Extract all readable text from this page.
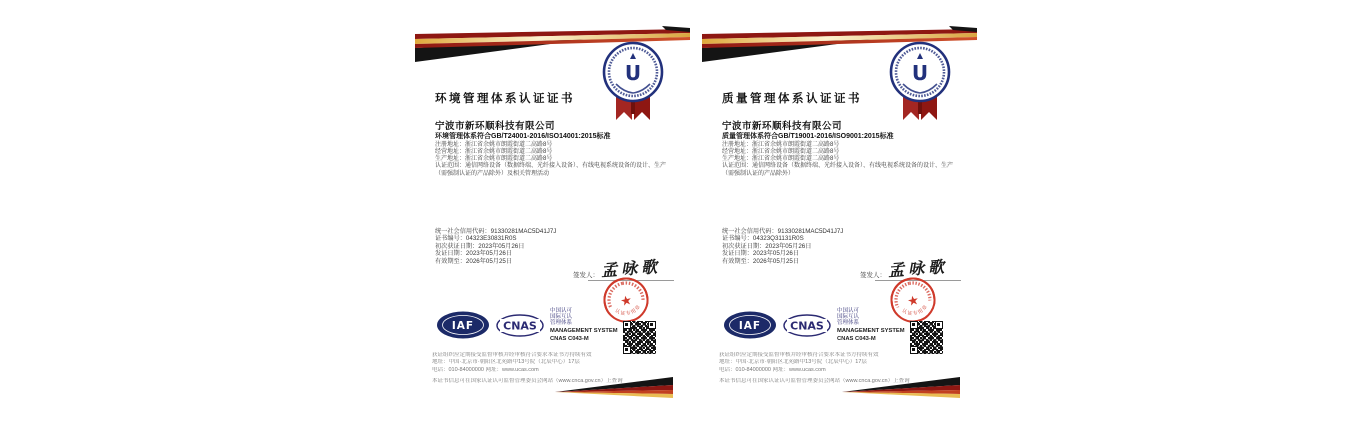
U
环境管理体系认证证书
宁波市新环顺科技有限公司
环境管理体系符合GB/T24001-2016/ISO14001:2015标准
注册地址：浙江省余姚市朗霞街道二高路8号
经营地址：浙江省余姚市朗霞街道二高路8号
生产地址：浙江省余姚市朗霞街道二高路8号
认证范围：通信网络设备（数据终端、光纤接入设备）、有线电视系统设备的设计、生产（需强制认证的产品除外）及相关管理活动
统一社会信用代码：91330281MAC5D41J7J
证书编号：04323E30831R0S
初次获证日期：2023年05月26日
发证日期：2023年05月26日
有效期至：2026年05月25日
签发人：孟咏歌
★
认证专用章
IAF	CNAS
中国认可
国际互认
管理体系
MANAGEMENT SYSTEM
CNAS C043-M
获证组织应定期接受监督审核并经审核符合要求本证书方持续有效
地址：中国·北京市·朝阳区北苑路甲13号院（北辰中心）17层
电话：010-84000000 网址：www.ucas.com
本证书信息可在国家认证认可监督管理委员会网站（www.cnca.gov.cn）上查询
U
质量管理体系认证证书
宁波市新环顺科技有限公司
质量管理体系符合GB/T19001-2016/ISO9001:2015标准
注册地址：浙江省余姚市朗霞街道二高路8号
经营地址：浙江省余姚市朗霞街道二高路8号
生产地址：浙江省余姚市朗霞街道二高路8号
认证范围：通信网络设备（数据终端、光纤接入设备）、有线电视系统设备的设计、生产（需强制认证的产品除外）
统一社会信用代码：91330281MAC5D41J7J
证书编号：04323Q31131R0S
初次获证日期：2023年05月26日
发证日期：2023年05月26日
有效期至：2026年05月25日
签发人：孟咏歌
★
认证专用章
IAF	CNAS
中国认可
国际互认
管理体系
MANAGEMENT SYSTEM
CNAS C043-M
获证组织应定期接受监督审核并经审核符合要求本证书方持续有效
地址：中国·北京市·朝阳区北苑路甲13号院（北辰中心）17层
电话：010-84000000 网址：www.ucas.com
本证书信息可在国家认证认可监督管理委员会网站（www.cnca.gov.cn）上查询
